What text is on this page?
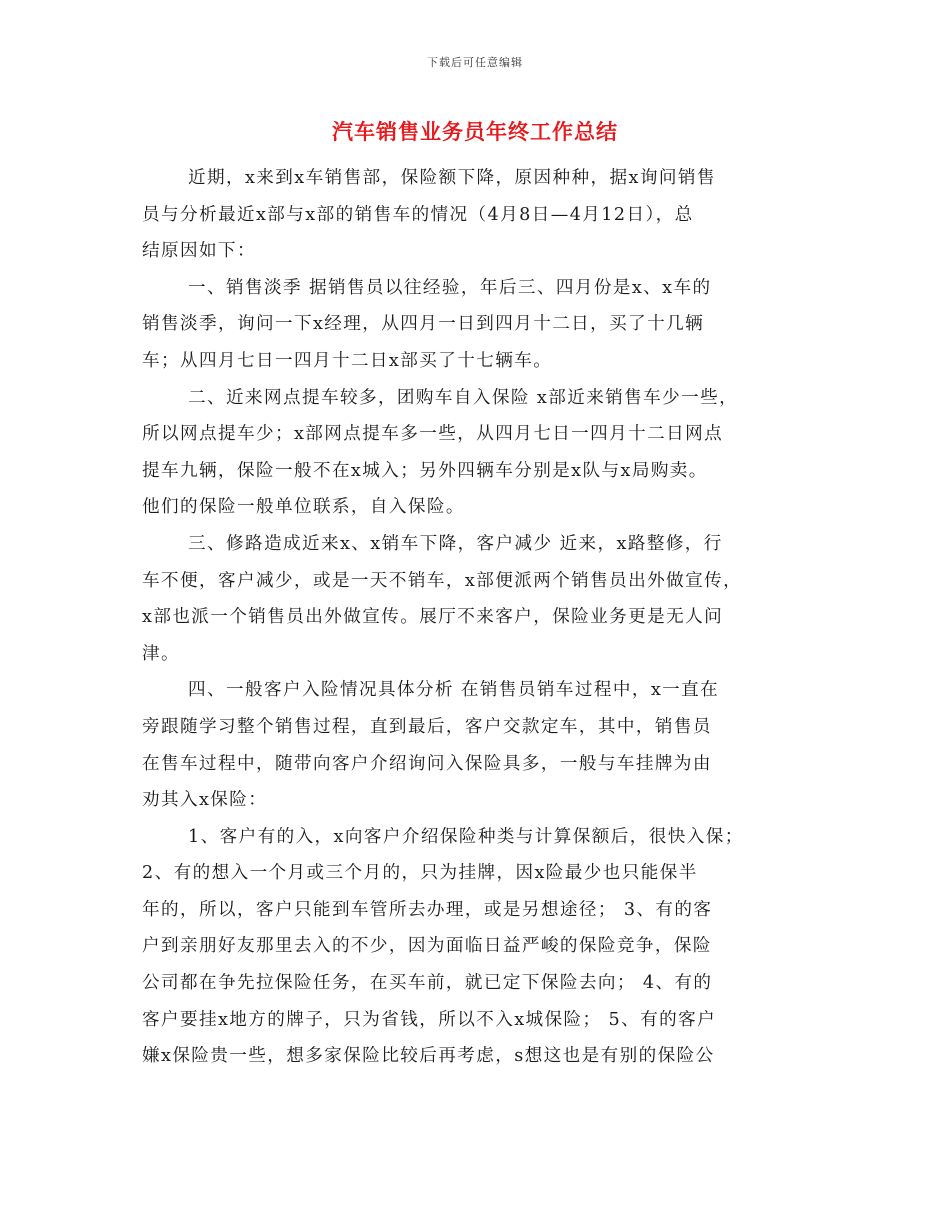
下载后可任意编辑
汽车销售业务员年终工作总结
近期，x来到x车销售部，保险额下降，原因种种，据x询问销售
员与分析最近x部与x部的销售车的情况（4月8日—4月12日），总
结原因如下：
一、销售淡季 据销售员以往经验，年后三、四月份是x、x车的
销售淡季，询问一下x经理，从四月一日到四月十二日，买了十几辆
车；从四月七日一四月十二日x部买了十七辆车。
二、近来网点提车较多，团购车自入保险 x部近来销售车少一些，
所以网点提车少；x部网点提车多一些，从四月七日一四月十二日网点
提车九辆，保险一般不在x城入；另外四辆车分别是x队与x局购卖。
他们的保险一般单位联系，自入保险。
三、修路造成近来x、x销车下降，客户减少 近来，x路整修，行
车不便，客户减少，或是一天不销车，x部便派两个销售员出外做宣传，
x部也派一个销售员出外做宣传。展厅不来客户，保险业务更是无人问
津。
四、一般客户入险情况具体分析 在销售员销车过程中，x一直在
旁跟随学习整个销售过程，直到最后，客户交款定车，其中，销售员
在售车过程中，随带向客户介绍询问入保险具多，一般与车挂牌为由
劝其入x保险：
1、客户有的入，x向客户介绍保险种类与计算保额后，很快入保；
2、有的想入一个月或三个月的，只为挂牌，因x险最少也只能保半
年的，所以，客户只能到车管所去办理，或是另想途径； 3、有的客
户到亲朋好友那里去入的不少，因为面临日益严峻的保险竞争，保险
公司都在争先拉保险任务，在买车前，就已定下保险去向； 4、有的
客户要挂x地方的牌子，只为省钱，所以不入x城保险； 5、有的客户
嫌x保险贵一些，想多家保险比较后再考虑，s想这也是有别的保险公
